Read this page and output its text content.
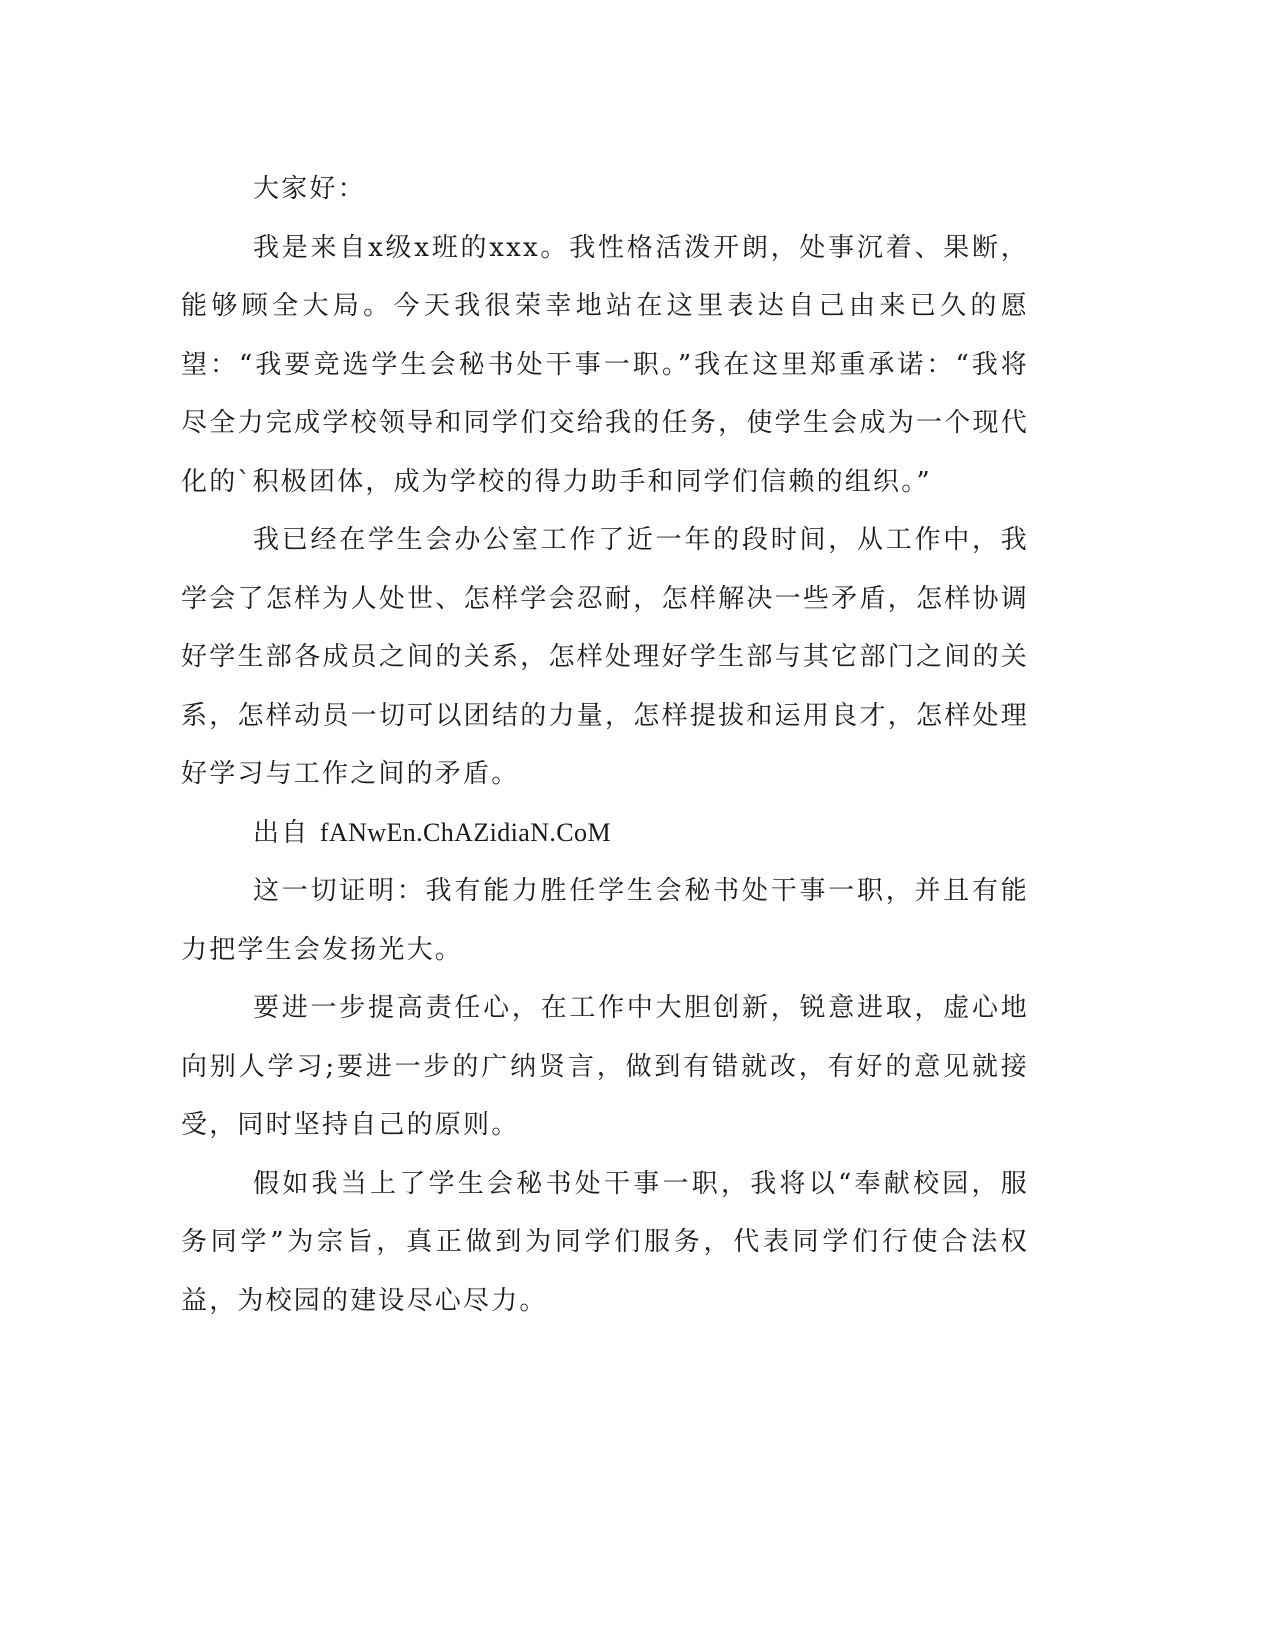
大家好：

我是来自x级x班的xxx。我性格活泼开朗，处事沉着、果断，能够顾全大局。今天我很荣幸地站在这里表达自己由来已久的愿望：“我要竞选学生会秘书处干事一职。”我在这里郑重承诺：“我将尽全力完成学校领导和同学们交给我的任务，使学生会成为一个现代化的`积极团体，成为学校的得力助手和同学们信赖的组织。”

我已经在学生会办公室工作了近一年的段时间，从工作中，我学会了怎样为人处世、怎样学会忍耐，怎样解决一些矛盾，怎样协调好学生部各成员之间的关系，怎样处理好学生部与其它部门之间的关系，怎样动员一切可以团结的力量，怎样提拔和运用良才，怎样处理好学习与工作之间的矛盾。

出自 fANwEn.ChAZidiaN.CoM

这一切证明：我有能力胜任学生会秘书处干事一职，并且有能力把学生会发扬光大。

要进一步提高责任心，在工作中大胆创新，锐意进取，虚心地向别人学习;要进一步的广纳贤言，做到有错就改，有好的意见就接受，同时坚持自己的原则。

假如我当上了学生会秘书处干事一职，我将以“奉献校园，服务同学”为宗旨，真正做到为同学们服务，代表同学们行使合法权益，为校园的建设尽心尽力。
